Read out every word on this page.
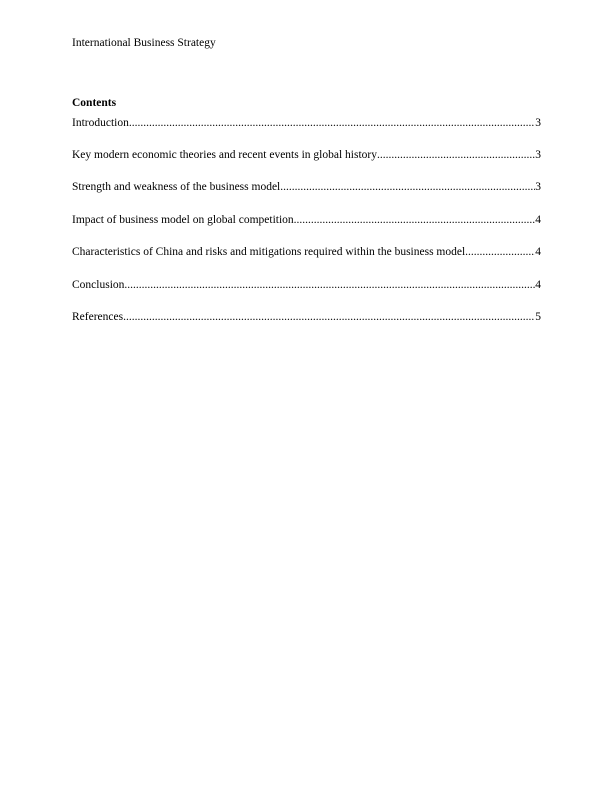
International Business Strategy
Contents
Introduction .....	3
Key modern economic theories and recent events in global history .....	3
Strength and weakness of the business model .....	3
Impact of business model on global competition .....	4
Characteristics of China and risks and mitigations required within the business model .....	4
Conclusion .....	4
References .....	5
